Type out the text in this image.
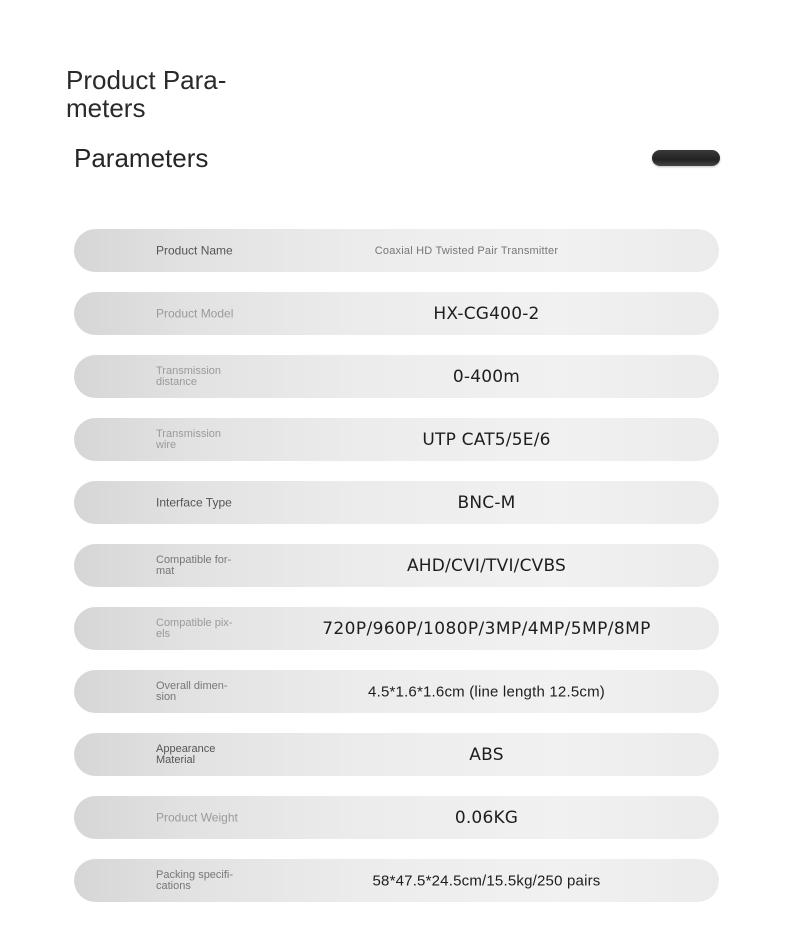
Product Para-
meters
Parameters
Product Name	Coaxial HD Twisted Pair Transmitter
Product Model	HX-CG400-2
Transmission
distance	0-400m
Transmission
wire	UTP CAT5/5E/6
Interface Type	BNC-M
Compatible for-
mat	AHD/CVI/TVI/CVBS
Compatible pix-
els	720P/960P/1080P/3MP/4MP/5MP/8MP
Overall dimen-
sion	4.5*1.6*1.6cm (line length 12.5cm)
Appearance
Material	ABS
Product Weight	0.06KG
Packing specifi-
cations	58*47.5*24.5cm/15.5kg/250 pairs
